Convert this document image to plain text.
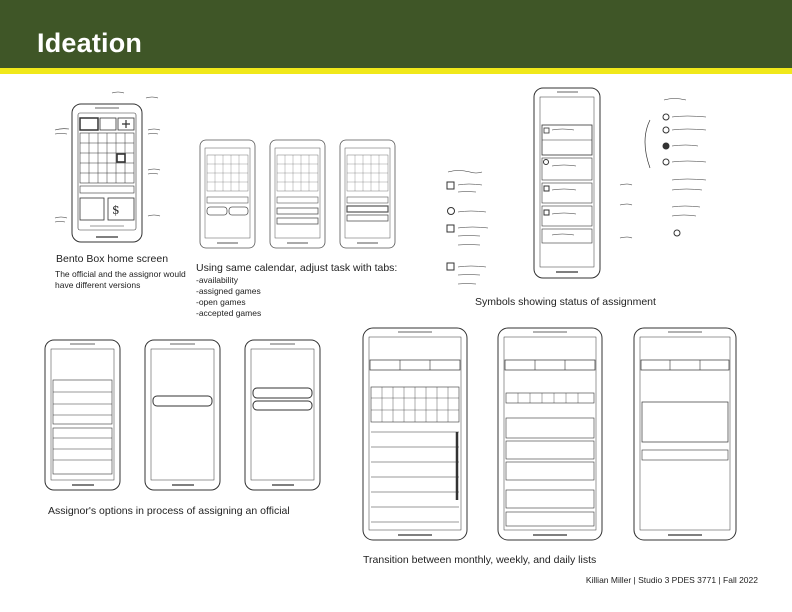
Ideation
$
Bento Box home screen
The official and the assignor would have different versions
Using same calendar, adjust task with tabs:
-availability
-assigned games
-open games
-accepted games
Symbols showing status of assignment
Assignor's options in process of assigning an official
Transition between monthly, weekly, and daily lists
Killian Miller | Studio 3 PDES 3771 | Fall 2022
